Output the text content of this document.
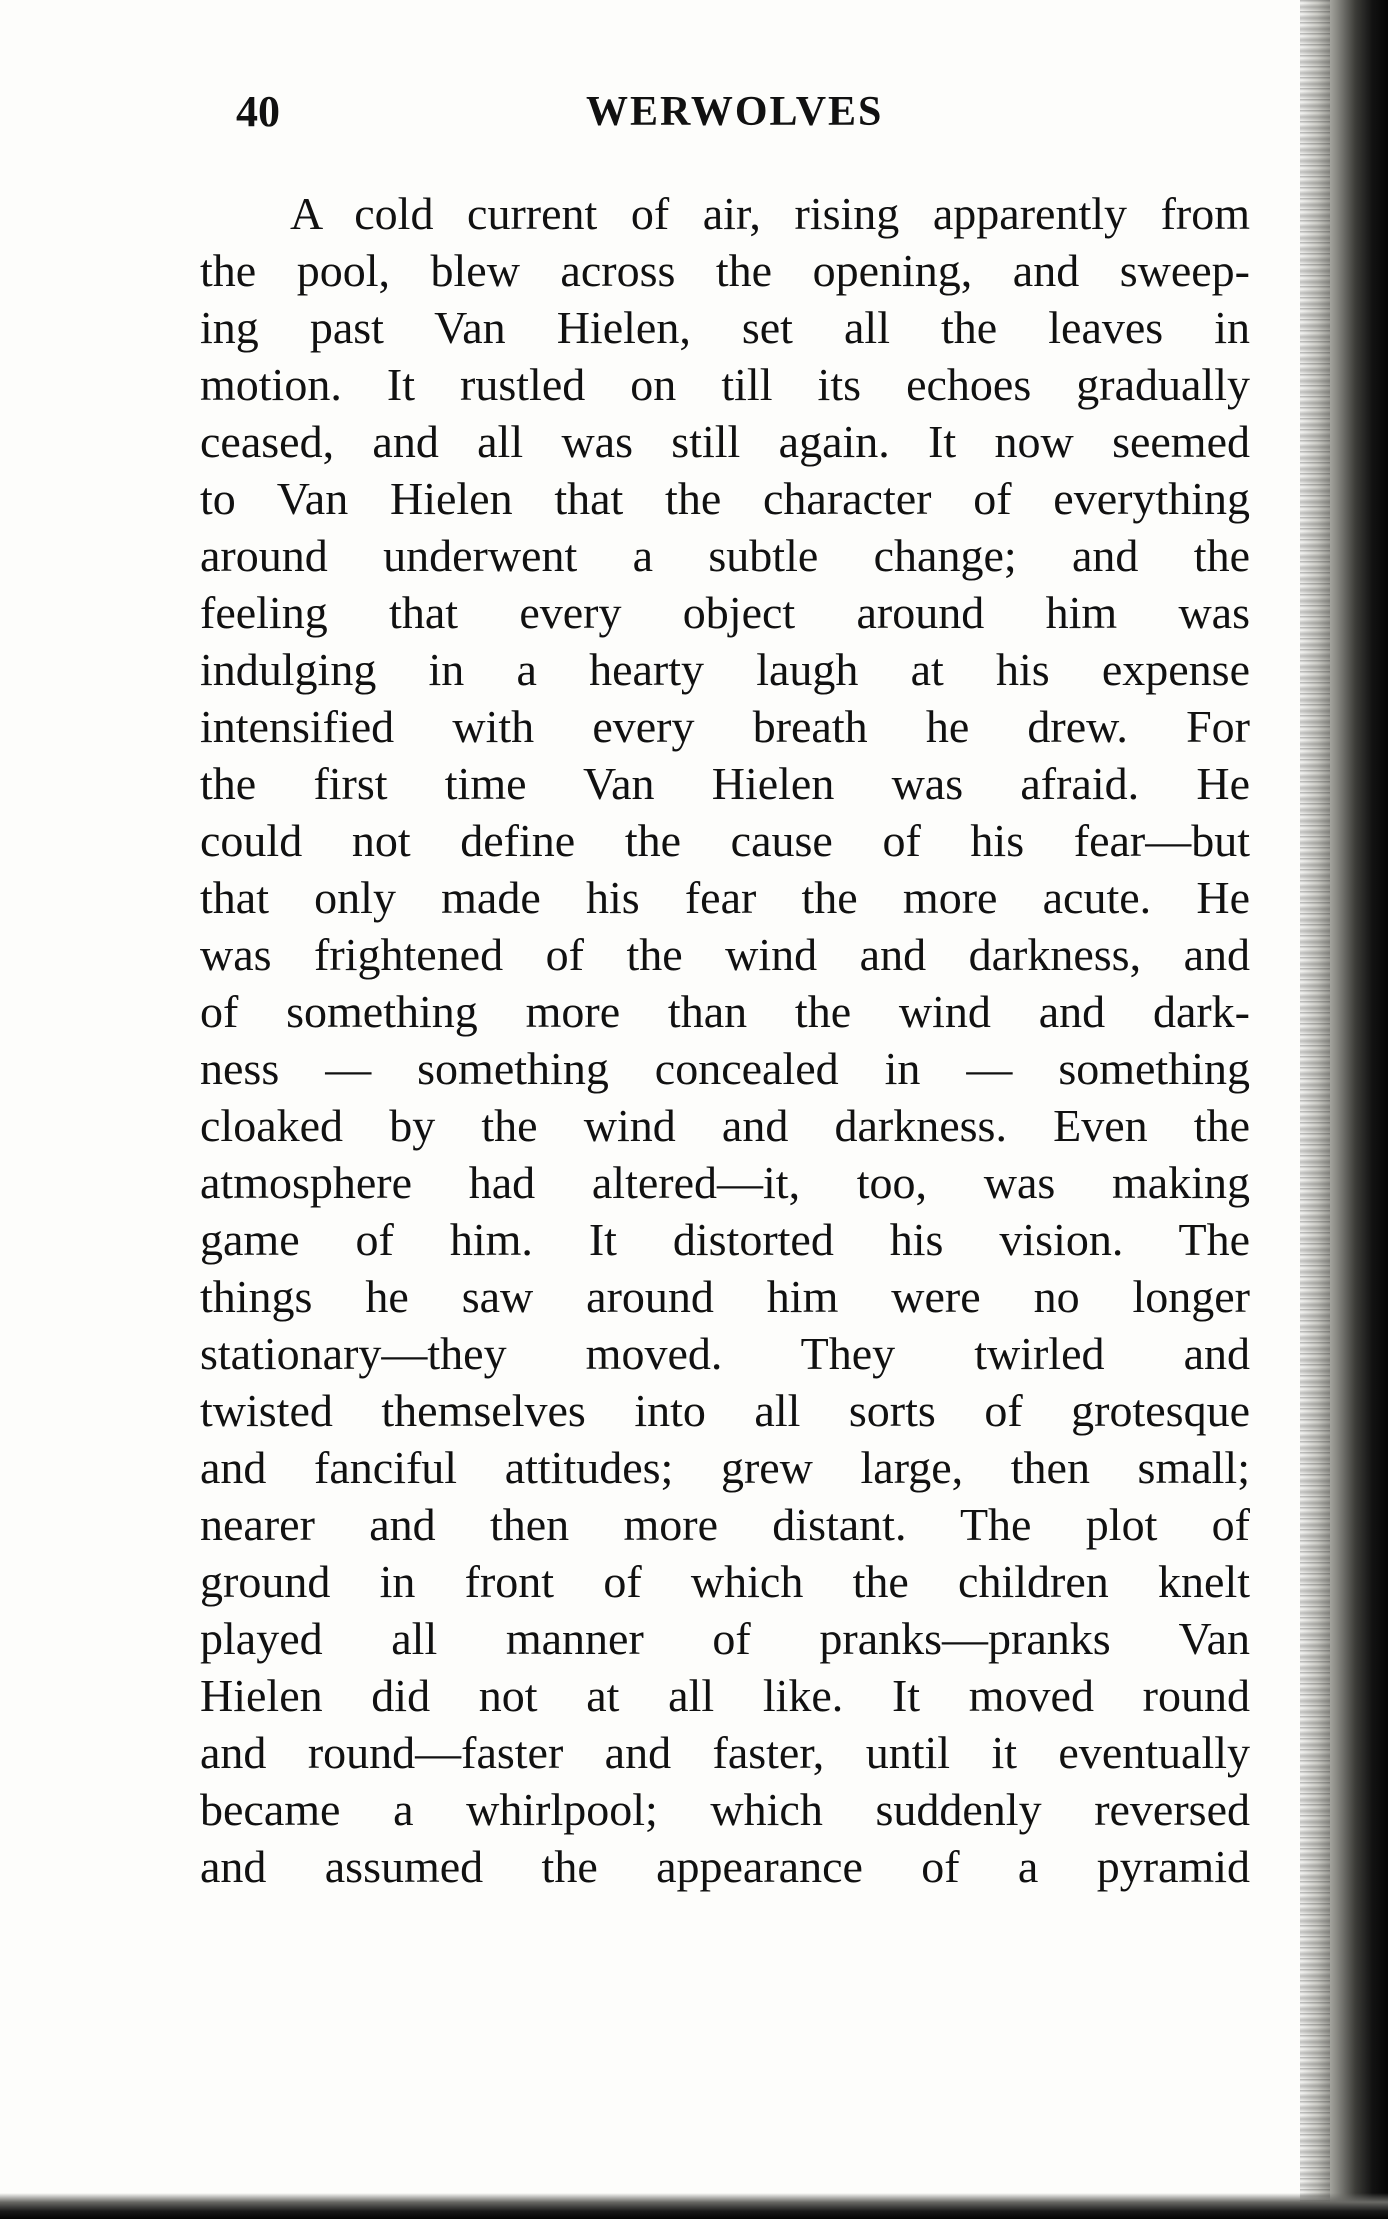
40	WERWOLVES
A cold current of air, rising apparently from
the pool, blew across the opening, and sweep-
ing past Van Hielen, set all the leaves in
motion. It rustled on till its echoes gradually
ceased, and all was still again. It now seemed
to Van Hielen that the character of everything
around underwent a subtle change; and the
feeling that every object around him was
indulging in a hearty laugh at his expense
intensified with every breath he drew. For
the first time Van Hielen was afraid. He
could not define the cause of his fear—but
that only made his fear the more acute. He
was frightened of the wind and darkness, and
of something more than the wind and dark-
ness — something concealed in — something
cloaked by the wind and darkness. Even the
atmosphere had altered—it, too, was making
game of him. It distorted his vision. The
things he saw around him were no longer
stationary—they moved. They twirled and
twisted themselves into all sorts of grotesque
and fanciful attitudes; grew large, then small;
nearer and then more distant. The plot of
ground in front of which the children knelt
played all manner of pranks—pranks Van
Hielen did not at all like. It moved round
and round—faster and faster, until it eventually
became a whirlpool; which suddenly reversed
and assumed the appearance of a pyramid
